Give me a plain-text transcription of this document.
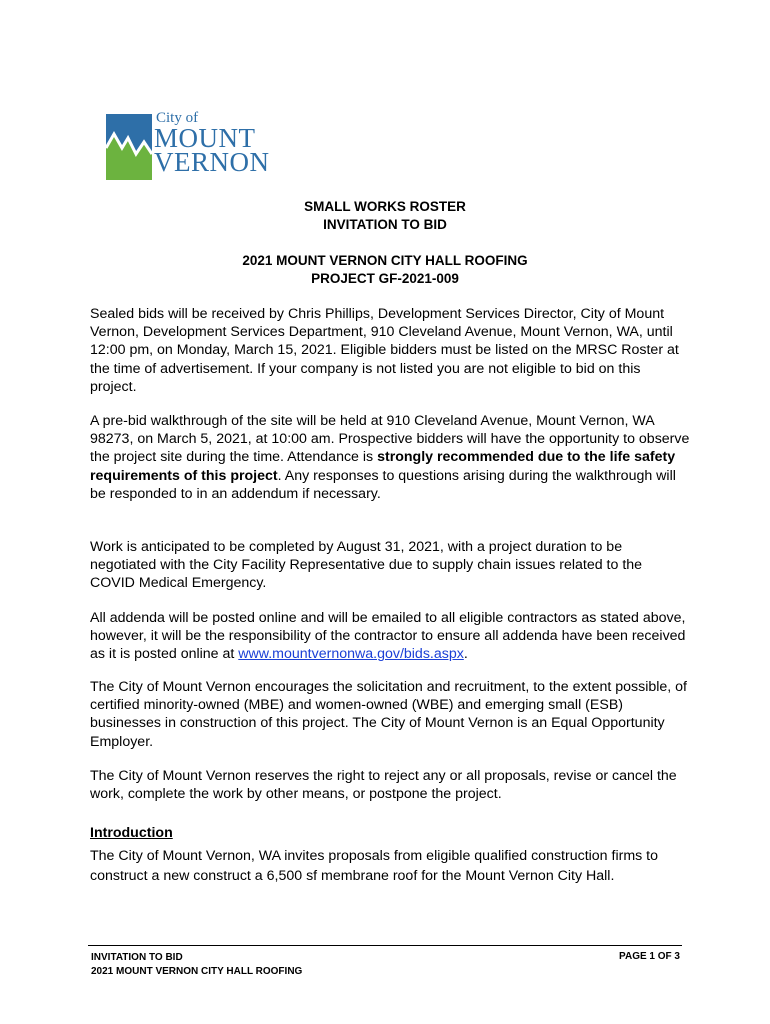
City of
MOUNT
VERNON
SMALL WORKS ROSTER
INVITATION TO BID
2021 MOUNT VERNON CITY HALL ROOFING
PROJECT GF-2021-009
Sealed bids will be received by Chris Phillips, Development Services Director, City of Mount Vernon, Development Services Department, 910 Cleveland Avenue, Mount Vernon, WA, until 12:00 pm, on Monday, March 15, 2021. Eligible bidders must be listed on the MRSC Roster at the time of advertisement. If your company is not listed you are not eligible to bid on this project.
A pre-bid walkthrough of the site will be held at 910 Cleveland Avenue, Mount Vernon, WA 98273, on March 5, 2021, at 10:00 am. Prospective bidders will have the opportunity to observe the project site during the time. Attendance is strongly recommended due to the life safety requirements of this project. Any responses to questions arising during the walkthrough will be responded to in an addendum if necessary.
Work is anticipated to be completed by August 31, 2021, with a project duration to be negotiated with the City Facility Representative due to supply chain issues related to the COVID Medical Emergency.
All addenda will be posted online and will be emailed to all eligible contractors as stated above, however, it will be the responsibility of the contractor to ensure all addenda have been received as it is posted online at www.mountvernonwa.gov/bids.aspx.
The City of Mount Vernon encourages the solicitation and recruitment, to the extent possible, of certified minority-owned (MBE) and women-owned (WBE) and emerging small (ESB) businesses in construction of this project. The City of Mount Vernon is an Equal Opportunity Employer.
The City of Mount Vernon reserves the right to reject any or all proposals, revise or cancel the work, complete the work by other means, or postpone the project.
Introduction
The City of Mount Vernon, WA invites proposals from eligible qualified construction firms to construct a new construct a 6,500 sf membrane roof for the Mount Vernon City Hall.
INVITATION TO BID
2021 MOUNT VERNON CITY HALL ROOFING
PAGE 1 OF 3
